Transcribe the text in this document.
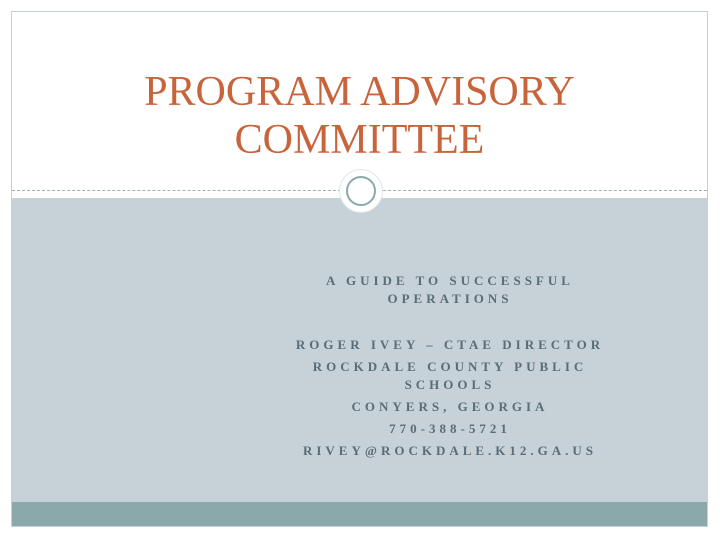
PROGRAM ADVISORY
COMMITTEE
A GUIDE TO SUCCESSFUL
OPERATIONS
ROGER IVEY – CTAE DIRECTOR
ROCKDALE COUNTY PUBLIC
SCHOOLS
CONYERS, GEORGIA
770-388-5721
RIVEY@ROCKDALE.K12.GA.US
